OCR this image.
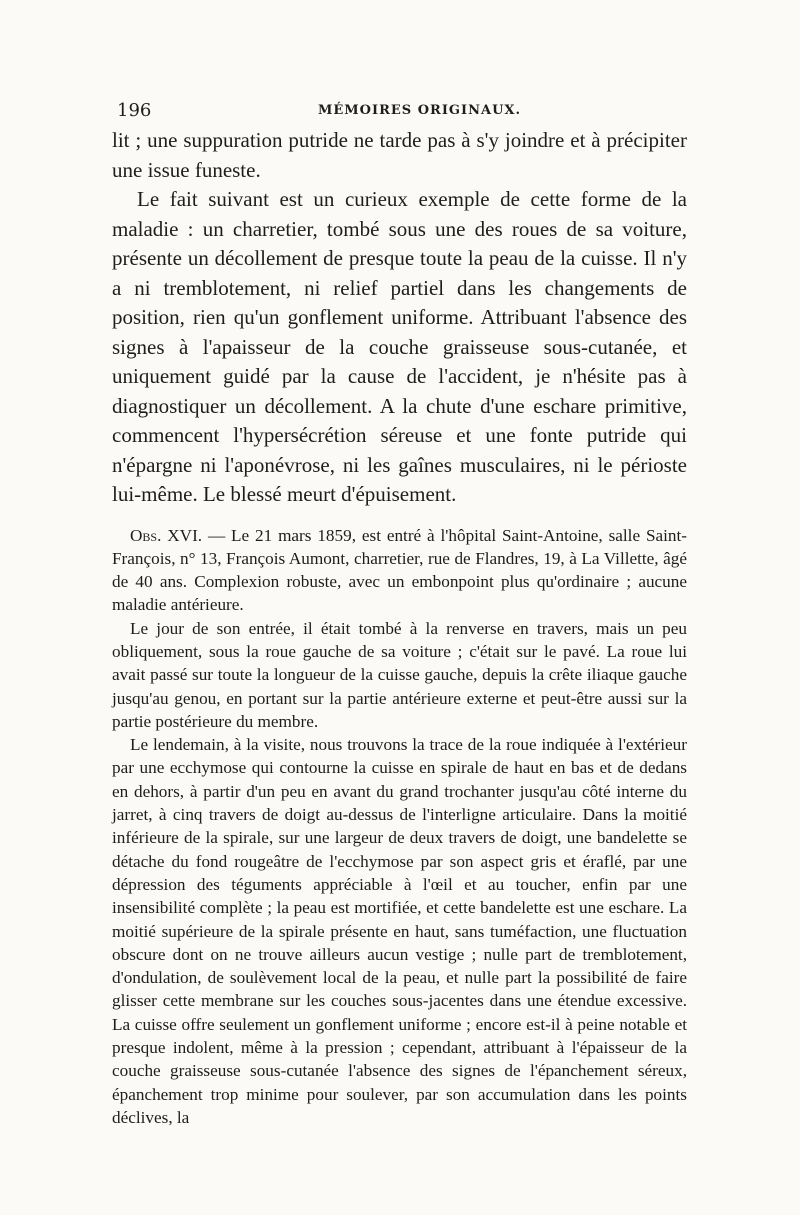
196	MÉMOIRES ORIGINAUX.

lit ; une suppuration putride ne tarde pas à s'y joindre et à précipiter une issue funeste.

Le fait suivant est un curieux exemple de cette forme de la maladie : un charretier, tombé sous une des roues de sa voiture, présente un décollement de presque toute la peau de la cuisse. Il n'y a ni tremblotement, ni relief partiel dans les changements de position, rien qu'un gonflement uniforme. Attribuant l'absence des signes à l'apaisseur de la couche graisseuse sous-cutanée, et uniquement guidé par la cause de l'accident, je n'hésite pas à diagnostiquer un décollement. A la chute d'une eschare primitive, commencent l'hypersécrétion séreuse et une fonte putride qui n'épargne ni l'aponévrose, ni les gaînes musculaires, ni le périoste lui-même. Le blessé meurt d'épuisement.

Obs. XVI. — Le 21 mars 1859, est entré à l'hôpital Saint-Antoine, salle Saint-François, n° 13, François Aumont, charretier, rue de Flandres, 19, à La Villette, âgé de 40 ans. Complexion robuste, avec un embonpoint plus qu'ordinaire ; aucune maladie antérieure.

Le jour de son entrée, il était tombé à la renverse en travers, mais un peu obliquement, sous la roue gauche de sa voiture ; c'était sur le pavé. La roue lui avait passé sur toute la longueur de la cuisse gauche, depuis la crête iliaque gauche jusqu'au genou, en portant sur la partie antérieure externe et peut-être aussi sur la partie postérieure du membre.

Le lendemain, à la visite, nous trouvons la trace de la roue indiquée à l'extérieur par une ecchymose qui contourne la cuisse en spirale de haut en bas et de dedans en dehors, à partir d'un peu en avant du grand trochanter jusqu'au côté interne du jarret, à cinq travers de doigt au-dessus de l'interligne articulaire. Dans la moitié inférieure de la spirale, sur une largeur de deux travers de doigt, une bandelette se détache du fond rougeâtre de l'ecchymose par son aspect gris et éraflé, par une dépression des téguments appréciable à l'œil et au toucher, enfin par une insensibilité complète ; la peau est mortifiée, et cette bandelette est une eschare. La moitié supérieure de la spirale présente en haut, sans tuméfaction, une fluctuation obscure dont on ne trouve ailleurs aucun vestige ; nulle part de tremblotement, d'ondulation, de soulèvement local de la peau, et nulle part la possibilité de faire glisser cette membrane sur les couches sous-jacentes dans une étendue excessive. La cuisse offre seulement un gonflement uniforme ; encore est-il à peine notable et presque indolent, même à la pression ; cependant, attribuant à l'épaisseur de la couche graisseuse sous-cutanée l'absence des signes de l'épanchement séreux, épanchement trop minime pour soulever, par son accumulation dans les points déclives, la
